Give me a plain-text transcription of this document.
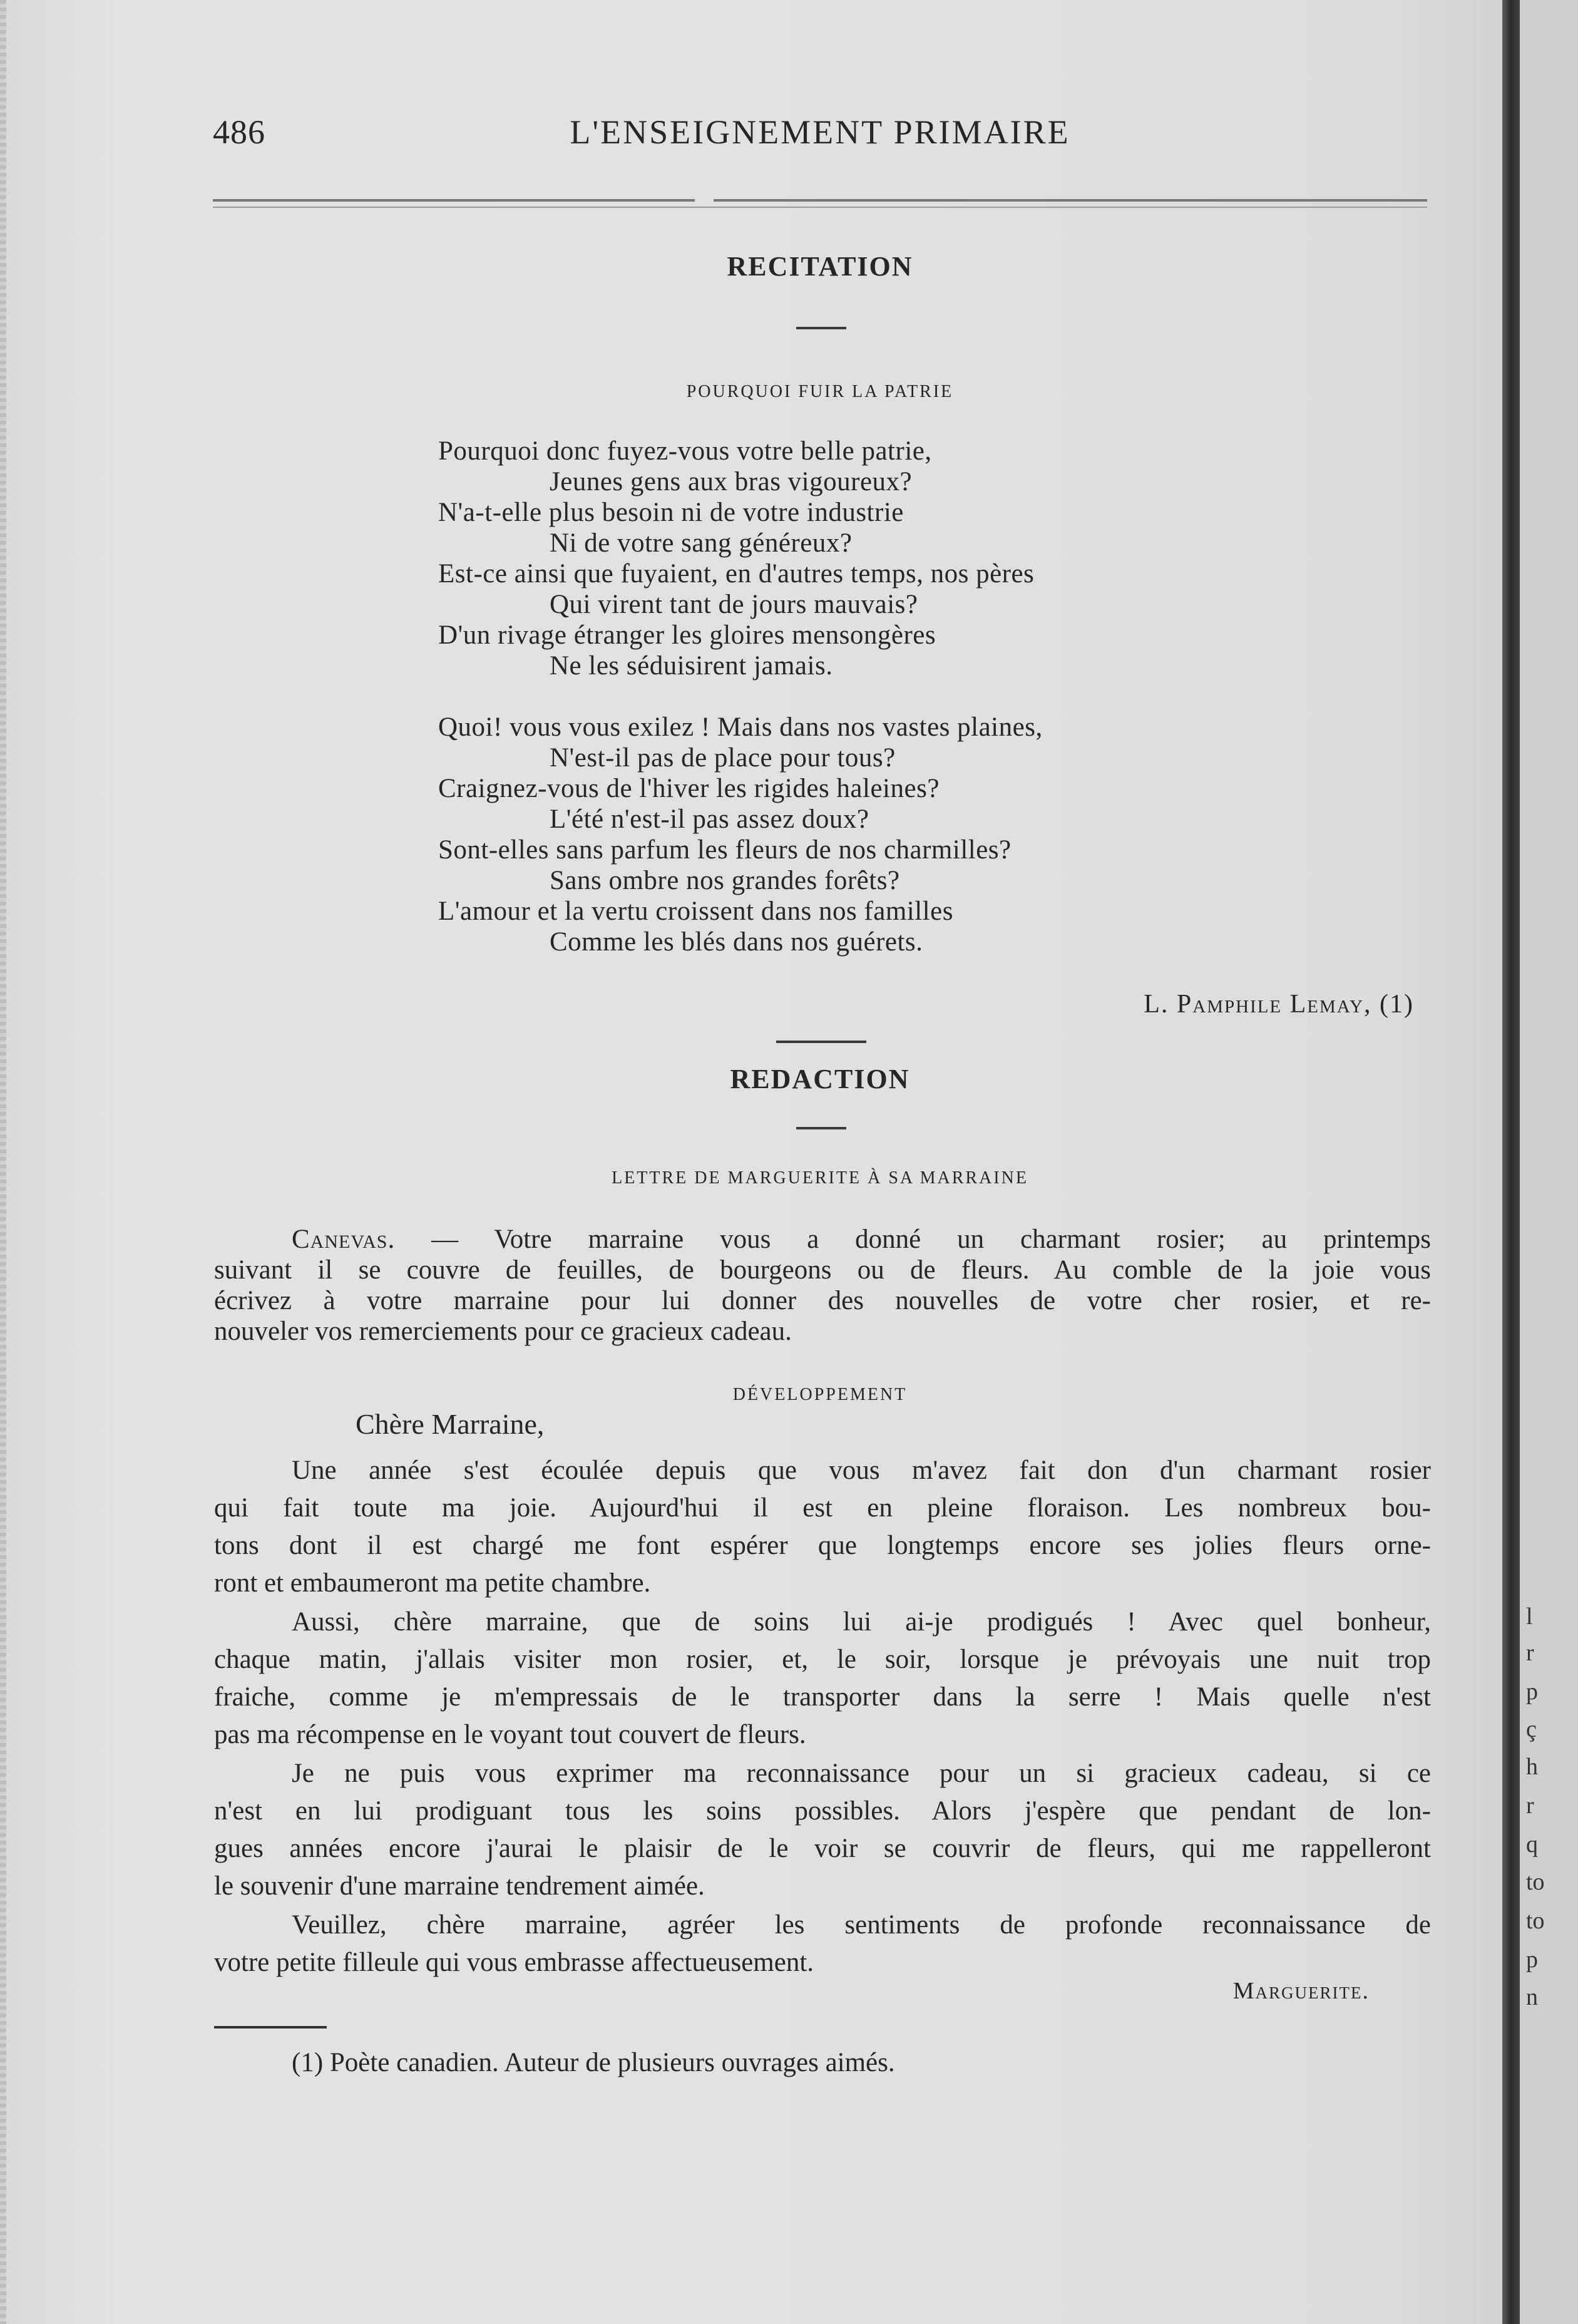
l
r
p
ç
h
r
q
to
to
p
n
486	L'ENSEIGNEMENT PRIMAIRE
RECITATION
POURQUOI FUIR LA PATRIE
Pourquoi donc fuyez-vous votre belle patrie,
Jeunes gens aux bras vigoureux?
N'a-t-elle plus besoin ni de votre industrie
Ni de votre sang généreux?
Est-ce ainsi que fuyaient, en d'autres temps, nos pères
Qui virent tant de jours mauvais?
D'un rivage étranger les gloires mensongères
Ne les séduisirent jamais.
Quoi! vous vous exilez ! Mais dans nos vastes plaines,
N'est-il pas de place pour tous?
Craignez-vous de l'hiver les rigides haleines?
L'été n'est-il pas assez doux?
Sont-elles sans parfum les fleurs de nos charmilles?
Sans ombre nos grandes forêts?
L'amour et la vertu croissent dans nos familles
Comme les blés dans nos guérets.
L. Pamphile Lemay, (1)
REDACTION
LETTRE DE MARGUERITE À SA MARRAINE
Canevas. — Votre marraine vous a donné un charmant rosier; au printemps
suivant il se couvre de feuilles, de bourgeons ou de fleurs. Au comble de la joie vous
écrivez à votre marraine pour lui donner des nouvelles de votre cher rosier, et re-
nouveler vos remerciements pour ce gracieux cadeau.
DÉVELOPPEMENT
Chère Marraine,
Une année s'est écoulée depuis que vous m'avez fait don d'un charmant rosier
qui fait toute ma joie. Aujourd'hui il est en pleine floraison. Les nombreux bou-
tons dont il est chargé me font espérer que longtemps encore ses jolies fleurs orne-
ront et embaumeront ma petite chambre.
Aussi, chère marraine, que de soins lui ai-je prodigués ! Avec quel bonheur,
chaque matin, j'allais visiter mon rosier, et, le soir, lorsque je prévoyais une nuit trop
fraiche, comme je m'empressais de le transporter dans la serre ! Mais quelle n'est
pas ma récompense en le voyant tout couvert de fleurs.
Je ne puis vous exprimer ma reconnaissance pour un si gracieux cadeau, si ce
n'est en lui prodiguant tous les soins possibles. Alors j'espère que pendant de lon-
gues années encore j'aurai le plaisir de le voir se couvrir de fleurs, qui me rappelleront
le souvenir d'une marraine tendrement aimée.
Veuillez, chère marraine, agréer les sentiments de profonde reconnaissance de
votre petite filleule qui vous embrasse affectueusement.
Marguerite.
(1) Poète canadien. Auteur de plusieurs ouvrages aimés.
